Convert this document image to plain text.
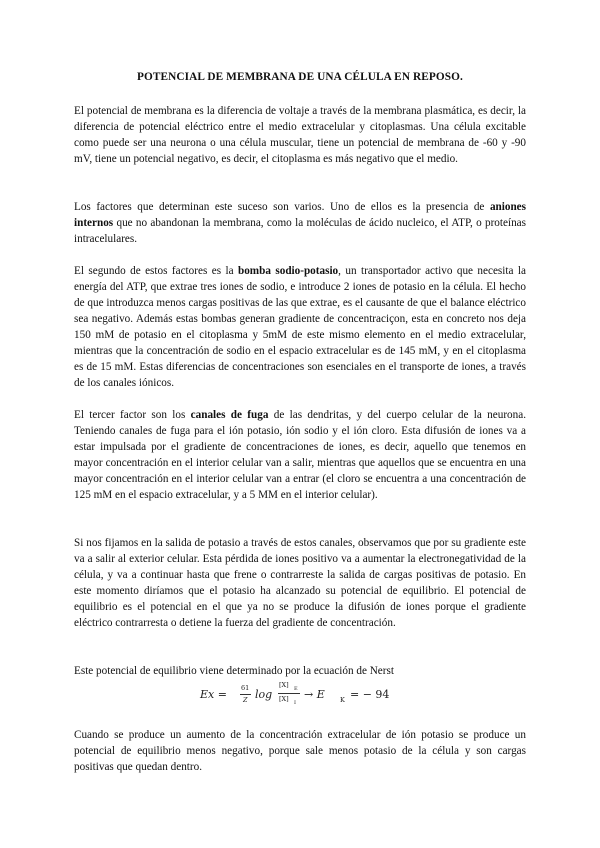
POTENCIAL DE MEMBRANA DE UNA CÉLULA EN REPOSO.

El potencial de membrana es la diferencia de voltaje a través de la membrana plasmática, es decir, la diferencia de potencial eléctrico entre el medio extracelular y citoplasmas. Una célula excitable como puede ser una neurona o una célula muscular, tiene un potencial de membrana de -60 y -90 mV, tiene un potencial negativo, es decir, el citoplasma es más negativo que el medio.

Los factores que determinan este suceso son varios. Uno de ellos es la presencia de aniones internos que no abandonan la membrana, como la moléculas de ácido nucleico, el ATP, o proteínas intracelulares.

El segundo de estos factores es la bomba sodio-potasio, un transportador activo que necesita la energía del ATP, que extrae tres iones de sodio, e introduce 2 iones de potasio en la célula. El hecho de que introduzca menos cargas positivas de las que extrae, es el causante de que el balance eléctrico sea negativo. Además estas bombas generan gradiente de concentraciçon, esta en concreto nos deja 150 mM de potasio en el citoplasma y 5mM de este mismo elemento en el medio extracelular, mientras que la concentración de sodio en el espacio extracelular es de 145 mM, y en el citoplasma es de 15 mM. Estas diferencias de concentraciones son esenciales en el transporte de iones, a través de los canales iónicos.

El tercer factor son los canales de fuga de las dendritas, y del cuerpo celular de la neurona. Teniendo canales de fuga para el ión potasio, ión sodio y el ión cloro. Esta difusión de iones va a estar impulsada por el gradiente de concentraciones de iones, es decir, aquello que tenemos en mayor concentración en el interior celular van a salir, mientras que aquellos que se encuentra en una mayor concentración en el interior celular van a entrar (el cloro se encuentra a una concentración de 125 mM en el espacio extracelular, y a 5 MM en el interior celular).

Si nos fijamos en la salida de potasio a través de estos canales, observamos que por su gradiente este va a salir al exterior celular. Esta pérdida de iones positivo va a aumentar la electronegatividad de la célula, y va a continuar hasta que frene o contrarreste la salida de cargas positivas de potasio. En este momento diríamos que el potasio ha alcanzado su potencial de equilibrio. El potencial de equilibrio es el potencial en el que ya no se produce la difusión de iones porque el gradiente eléctrico contrarresta o detiene la fuerza del gradiente de concentración.

Este potencial de equilibrio viene determinado por la ecuación de Nerst

Ex = 61
Z log
[X] E
[X] I
→ E K = − 94

Cuando se produce un aumento de la concentración extracelular de ión potasio se produce un potencial de equilibrio menos negativo, porque sale menos potasio de la célula y son cargas positivas que quedan dentro.
